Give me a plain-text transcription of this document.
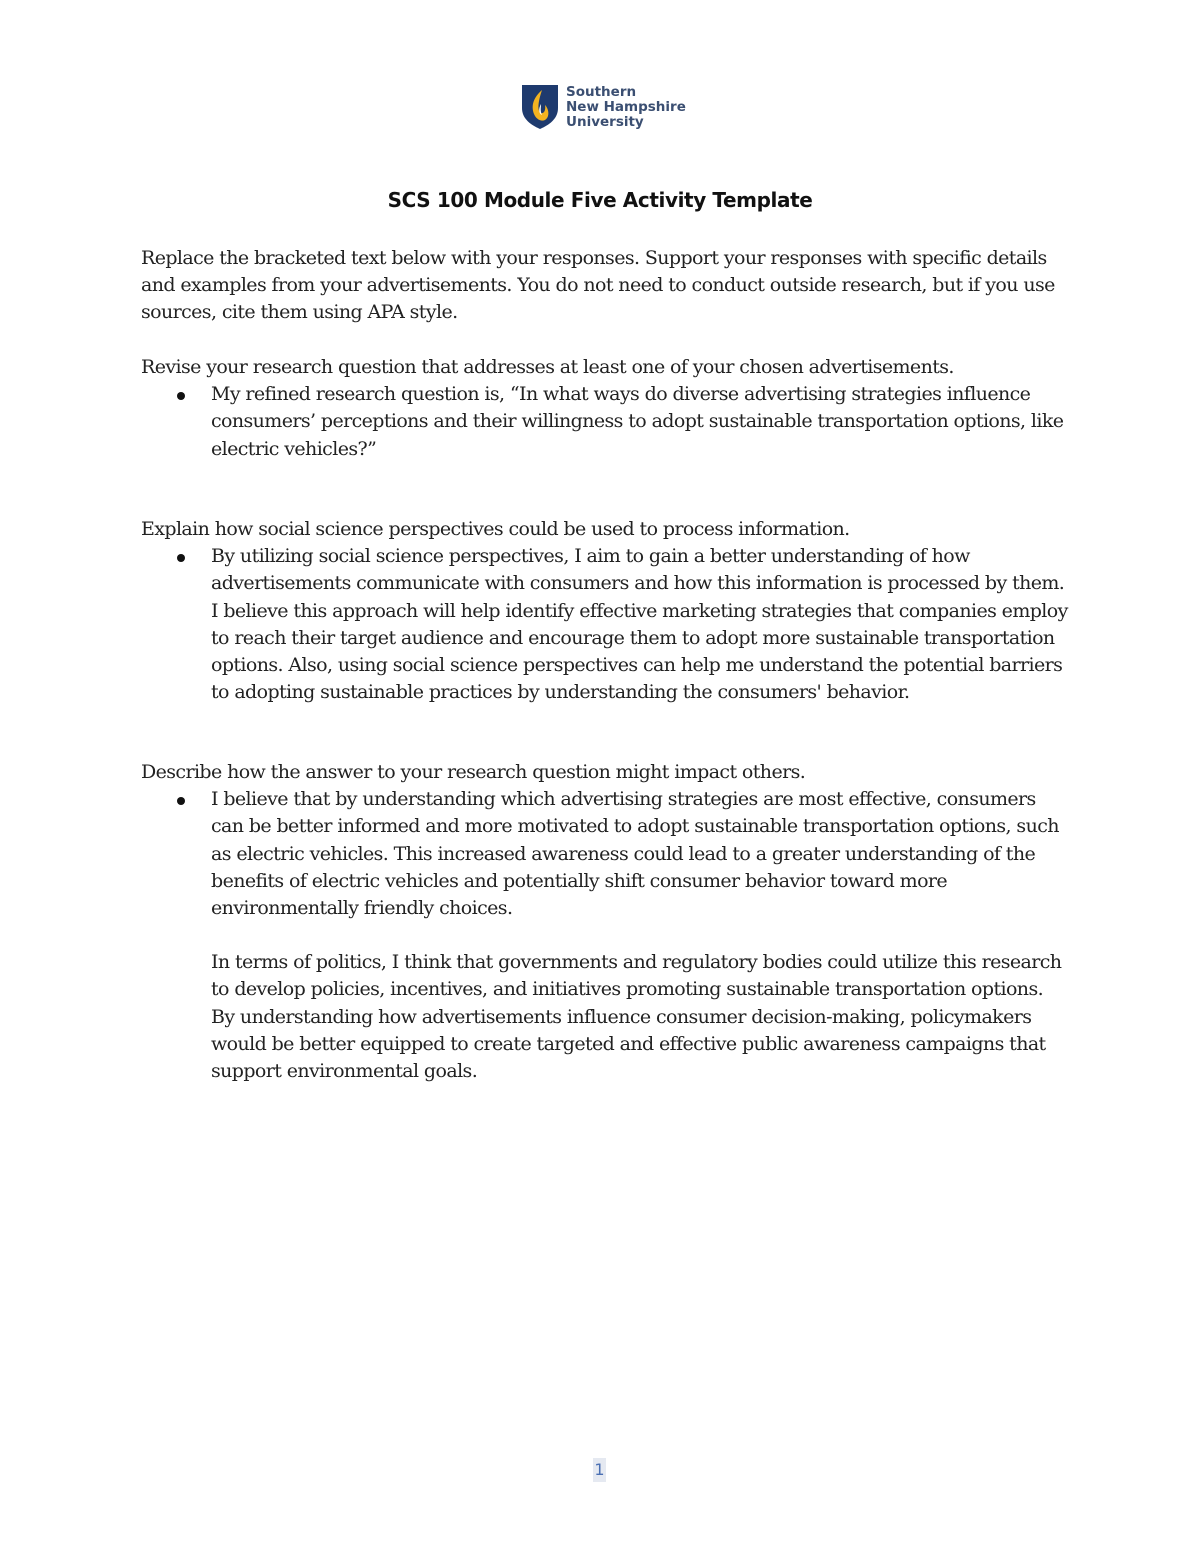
Southern
New Hampshire
University
SCS 100 Module Five Activity Template

Replace the bracketed text below with your responses. Support your responses with specific details and examples from your advertisements. You do not need to conduct outside research, but if you use sources, cite them using APA style.

Revise your research question that addresses at least one of your chosen advertisements.

My refined research question is, “In what ways do diverse advertising strategies influence consumers’ perceptions and their willingness to adopt sustainable transportation options, like electric vehicles?”

Explain how social science perspectives could be used to process information.

By utilizing social science perspectives, I aim to gain a better understanding of how advertisements communicate with consumers and how this information is processed by them. I believe this approach will help identify effective marketing strategies that companies employ to reach their target audience and encourage them to adopt more sustainable transportation options. Also, using social science perspectives can help me understand the potential barriers to adopting sustainable practices by understanding the consumers' behavior.

Describe how the answer to your research question might impact others.

I believe that by understanding which advertising strategies are most effective, consumers can be better informed and more motivated to adopt sustainable transportation options, such as electric vehicles. This increased awareness could lead to a greater understanding of the benefits of electric vehicles and potentially shift consumer behavior toward more environmentally friendly choices.

In terms of politics, I think that governments and regulatory bodies could utilize this research to develop policies, incentives, and initiatives promoting sustainable transportation options. By understanding how advertisements influence consumer decision-making, policymakers would be better equipped to create targeted and effective public awareness campaigns that support environmental goals.

1
